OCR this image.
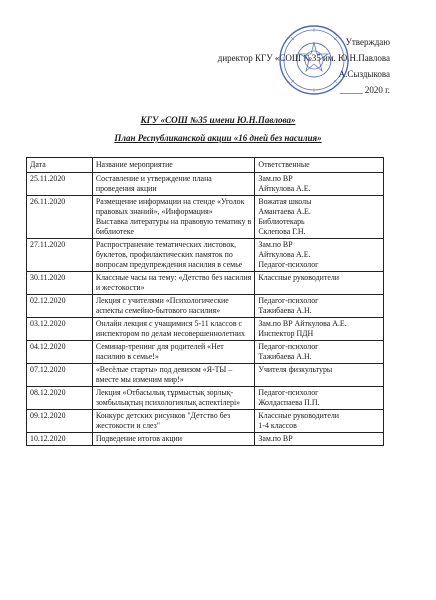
Утверждаю
директор КГУ «СОШ №35 им. Ю.Н.Павлова
А.Сыздыкова
_____ 2020 г.
КГУ «СОШ №35 имени Ю.Н.Павлова»
План Республиканской акции «16 дней без насилия»
Дата	Название мероприятие	Ответственные
25.11.2020	Составление и утверждение плана проведения акции	Зам.по ВР
Айткулова А.Е.
26.11.2020	Размещение информации на стенде «Уголок правовых знаний», «Информация»
Выставка литературы на правовую тематику в библиотеке	Вожатая школы
Амантаева А.Е.
Библиотекарь
Склепова Г.Н.
27.11.2020	Распространение тематических листовок, буклетов, профилактических памяток по вопросам предупреждения насилия в семье	Зам.по ВР
Айткулова А.Е.
Педагог-психолог
30.11.2020	Классные часы на тему: «Детство без насилия и жестокости»	Классные руководители
02.12.2020	Лекция с учителями «Психологические аспекты семейно-бытового насилия»	Педагог-психолог
Тажибаева А.Н.
03.12.2020	Онлайн лекция с учащимися 5-11 классов с инспектором по делам несовершеннолетних	Зам.по ВР Айткулова А.Е.
Инспектор ПДН
04.12.2020	Семинар-тренинг для родителей «Нет насилию в семье!»	Педагог-психолог
Тажибаева А.Н.
07.12.2020	«Весёлые старты» под девизом «Я-ТЫ – вместе мы изменим мир!»	Учителя физкультуры
08.12.2020	Лекция «Отбасылық тұрмыстық зорлық-зомбылықтың психологиялық аспектілері»	Педагог-психолог
Жолдаспаева П.П.
09.12.2020	Конкурс детских рисунков "Детство без жестокости и слез"	Классные руководители
1-4 классов
10.12.2020	Подведение итогов акции	Зам.по ВР
